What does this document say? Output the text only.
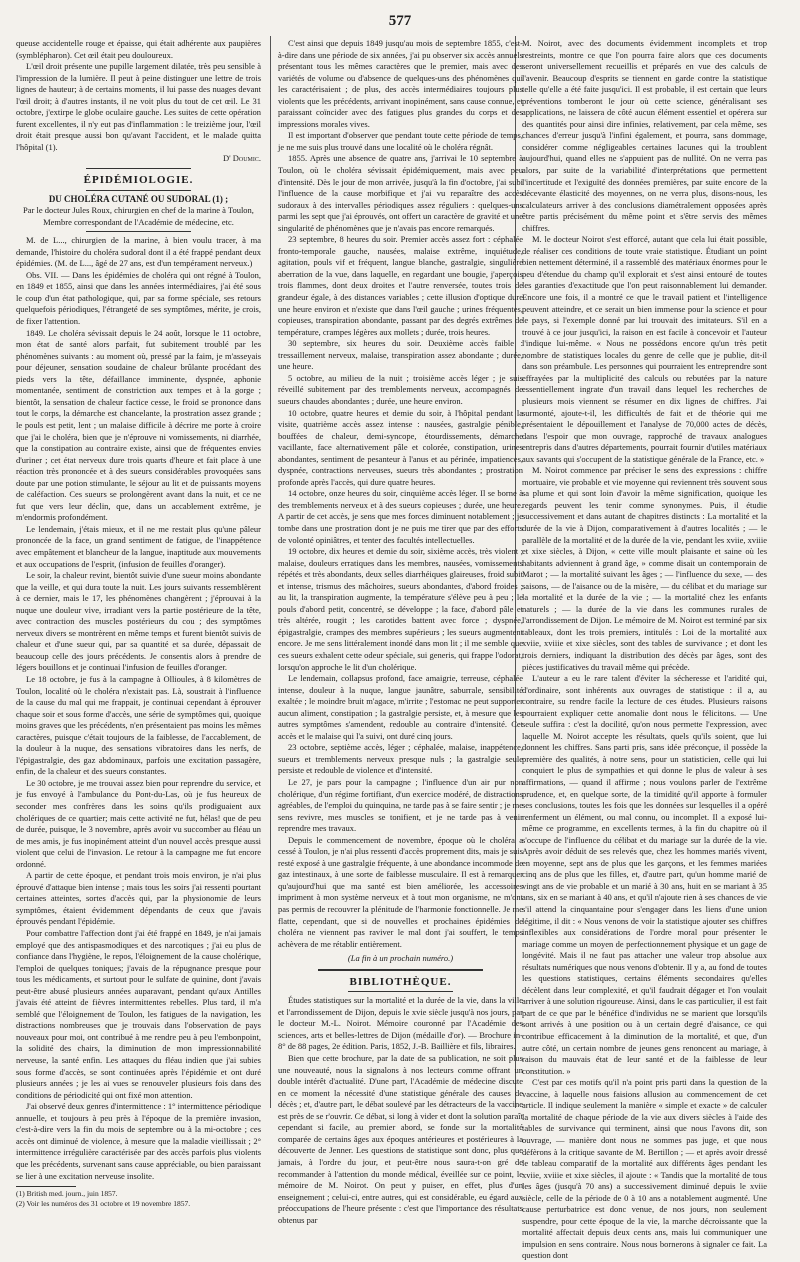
577

queuse accidentelle rouge et épaisse, qui était adhérente aux paupières (symblépharon). Cet œil était peu douloureux.

L'œil droit présente une pupille largement dilatée, très peu sensible à l'impression de la lumière. Il peut à peine distinguer une lettre de trois lignes de hauteur; à de certains moments, il lui passe des nuages devant l'œil droit; à d'autres instants, il ne voit plus du tout de cet œil. Le 31 octobre, j'extirpe le globe oculaire gauche. Les suites de cette opération furent excellentes, il n'y eut pas d'inflammation : le treizième jour, l'œil droit était presque aussi bon qu'avant l'accident, et le malade quitta l'hôpital (1).

D' Doumic.

ÉPIDÉMIOLOGIE.
DU CHOLÉRA CUTANÉ OU SUDORAL (1) ;

Par le docteur Jules Roux, chirurgien en chef de la marine à Toulon, Membre correspondant de l'Académie de médecine, etc.

M. de L..., chirurgien de la marine, à bien voulu tracer, à ma demande, l'histoire du choléra sudoral dont il a été frappé pendant deux épidémies. (M. de L..., âgé de 27 ans, est d'un tempérament nerveux.)

Obs. VII. — Dans les épidémies de choléra qui ont régné à Toulon, en 1849 et 1855, ainsi que dans les années intermédiaires, j'ai été sous le coup d'un état pathologique, qui, par sa forme spéciale, ses retours quelquefois périodiques, l'étrangeté de ses symptômes, mérite, je crois, de fixer l'attention.

1849. Le choléra sévissait depuis le 24 août, lorsque le 11 octobre, mon état de santé alors parfait, fut subitement troublé par les phénomènes suivants : au moment où, pressé par la faim, je m'asseyais pour déjeuner, sensation soudaine de chaleur brûlante procédant des pieds vers la tête, défaillance imminente, dyspnée, aphonie momentanée, sentiment de constriction aux tempes et à la gorge ; bientôt, la sensation de chaleur factice cesse, le froid se prononce dans tout le corps, la démarche est chancelante, la prostration assez grande ; le pouls est petit, lent ; un malaise difficile à décrire me porte à croire que j'ai le choléra, bien que je n'éprouve ni vomissements, ni diarrhée, que la constipation au contraire existe, ainsi que de fréquentes envies d'uriner ; cet état nerveux dure trois quarts d'heure et fait place à une réaction très prononcée et à des sueurs considérables provoquées sans doute par une potion stimulante, le séjour au lit et de puissants moyens de caléfaction. Ces sueurs se prolongèrent avant dans la nuit, et ce ne fut que vers leur déclin, que, dans un accablement extrême, je m'endormis profondément.

Le lendemain, j'étais mieux, et il ne me restait plus qu'une pâleur prononcée de la face, un grand sentiment de fatigue, de l'inappétence avec empâtement et blancheur de la langue, inaptitude aux mouvements et aux occupations de l'esprit, (infusion de feuilles d'oranger).

Le soir, la chaleur revint, bientôt suivie d'une sueur moins abondante que la veille, et qui dura toute la nuit. Les jours suivants ressemblèrent à ce dernier, mais le 17, les phénomènes changèrent ; j'éprouvai à la nuque une douleur vive, irradiant vers la partie postérieure de la tête, avec contraction des muscles postérieurs du cou ; des symptômes nerveux divers se montrèrent en même temps et furent bientôt suivis de chaleur et d'une sueur qui, par sa quantité et sa durée, dépassait de beaucoup celle des jours précédents. Je consentis alors à prendre de légers bouillons et je continuai l'infusion de feuilles d'oranger.

Le 18 octobre, je fus à la campagne à Ollioules, à 8 kilomètres de Toulon, localité où le choléra n'existait pas. Là, soustrait à l'influence de la cause du mal qui me frappait, je continuai cependant à éprouver chaque soir et sous forme d'accès, une série de symptômes qui, quoique moins graves que les précédents, n'en présentaient pas moins les mêmes caractères, puisque c'était toujours de la faiblesse, de l'accablement, de la douleur à la nuque, des sensations vibratoires dans les nerfs, de l'épigastralgie, des gaz abdominaux, parfois une excitation passagère, enfin, de la chaleur et des sueurs constantes.

Le 30 octobre, je me trouvai assez bien pour reprendre du service, et je fus envoyé à l'ambulance du Pont-du-Las, où je fus heureux de seconder mes confrères dans les soins qu'ils prodiguaient aux cholériques de ce quartier; mais cette activité ne fut, hélas! que de peu de durée, puisque, le 3 novembre, après avoir vu succomber au fléau un de mes amis, je fus inopinément atteint d'un nouvel accès presque aussi violent que celui de l'invasion. Le retour à la campagne me fut encore ordonné.

A partir de cette époque, et pendant trois mois environ, je n'ai plus éprouvé d'attaque bien intense ; mais tous les soirs j'ai ressenti pourtant certaines atteintes, sortes d'accès qui, par la physionomie de leurs symptômes, étaient évidemment dépendants de ceux que j'avais éprouvés pendant l'épidémie.

Pour combattre l'affection dont j'ai été frappé en 1849, je n'ai jamais employé que des antispasmodiques et des narcotiques ; j'ai eu plus de confiance dans l'hygiène, le repos, l'éloignement de la cause cholérique, l'emploi de quelques toniques; j'avais de la répugnance presque pour tous les médicaments, et surtout pour le sulfate de quinine, dont j'avais peut-être abusé plusieurs années auparavant, pendant qu'aux Antilles j'avais été atteint de fièvres intermittentes rebelles. Plus tard, il m'a semblé que l'éloignement de Toulon, les fatigues de la navigation, les distractions nombreuses que je trouvais dans l'observation de pays nouveaux pour moi, ont contribué à me rendre peu à peu l'embonpoint, la solidité des chairs, la diminution de mon impressionnabilité nerveuse, la santé enfin. Les attaques du fléau indien que j'ai subies sous forme d'accès, se sont continuées après l'épidémie et ont duré plusieurs années ; je les ai vues se renouveler plusieurs fois dans des conditions de périodicité qui ont fixé mon attention.

J'ai observé deux genres d'intermittence : 1° intermittence périodique annuelle, et toujours à peu près à l'époque de la première invasion, c'est-à-dire vers la fin du mois de septembre ou à la mi-octobre ; ces accès ont diminué de violence, à mesure que la maladie vieillissait ; 2° intermittence irrégulière caractérisée par des accès parfois plus violents que les précédents, survenant sans cause appréciable, ou bien paraissant se lier à une excitation nerveuse insolite.

(1) British med. journ., juin 1857.

(2) Voir les numéros des 31 octobre et 19 novembre 1857.

C'est ainsi que depuis 1849 jusqu'au mois de septembre 1855, c'est-à-dire dans une période de six années, j'ai pu observer six accès annuels présentant tous les mêmes caractères que le premier, mais avec des variétés de volume ou d'absence de quelques-uns des phénomènes qui les caractérisaient ; de plus, des accès intermédiaires toujours plus violents que les précédents, arrivant inopinément, sans cause connue, et paraissant coïncider avec des fatigues plus grandes du corps et des impressions morales vives.

Il est important d'observer que pendant toute cette période de temps, je ne me suis plus trouvé dans une localité où le choléra régnât.

1855. Après une absence de quatre ans, j'arrivai le 10 septembre à Toulon, où le choléra sévissait épidémiquement, mais avec peu d'intensité. Dès le jour de mon arrivée, jusqu'à la fin d'octobre, j'ai subi l'influence de la cause morbifique et j'ai vu reparaître des accès sudoraux à des intervalles périodiques assez réguliers : quelques-uns parmi les sept que j'ai éprouvés, ont offert un caractère de gravité et une singularité de phénomènes que je n'avais pas encore remarqués.

23 septembre, 8 heures du soir. Premier accès assez fort : céphalée fronto-temporale gauche, nausées, malaise extrême, inquiétude, agitation, pouls vif et fréquent, langue blanche, gastralgie, singulière aberration de la vue, dans laquelle, en regardant une bougie, j'aperçois trois flammes, dont deux droites et l'autre renversée, toutes trois de grandeur égale, à des distances variables ; cette illusion d'optique dure une heure environ et n'existe que dans l'œil gauche ; urines fréquentes, copieuses, transpiration abondante, passant par des degrés extrêmes de température, crampes légères aux mollets ; durée, trois heures.

30 septembre, six heures du soir. Deuxième accès faible : tressaillement nerveux, malaise, transpiration assez abondante ; durée, une heure.

5 octobre, au milieu de la nuit ; troisième accès léger ; je suis réveillé subitement par des tremblements nerveux, accompagnés de sueurs chaudes abondantes ; durée, une heure environ.

10 octobre, quatre heures et demie du soir, à l'hôpital pendant la visite, quatrième accès assez intense : nausées, gastralgie pénible, bouffées de chaleur, demi-syncope, étourdissements, démarche vacillante, face alternativement pâle et colorée, constipation, urines abondantes, sentiment de pesanteur à l'anus et au périnée, impatiences, dyspnée, contractions nerveuses, sueurs très abondantes ; prostration profonde après l'accès, qui dure quatre heures.

14 octobre, onze heures du soir, cinquième accès léger. Il se borne à des tremblements nerveux et à des sueurs copieuses ; durée, une heure. A partir de cet accès, je sens que mes forces diminuent notablement ; je tombe dans une prostration dont je ne puis me tirer que par des efforts de volonté opiniâtres, et tenter des facultés intellectuelles.

19 octobre, dix heures et demie du soir, sixième accès, très violent ; malaise, douleurs erratiques dans les membres, nausées, vomissements répétés et très abondants, deux selles diarrhéiques glaireuses, froid subit et intense, trismus des mâchoires, sueurs abondantes, d'abord froides ; au lit, la transpiration augmente, la température s'élève peu à peu ; le pouls d'abord petit, concentré, se développe ; la face, d'abord pâle et très altérée, rougit ; les carotides battent avec force ; dyspnée, épigastralgie, crampes des membres supérieurs ; les sueurs augmentent encore. Je me sens littéralement inondé dans mon lit ; il me semble que ces sueurs exhalent cette odeur spéciale, sui generis, qui frappe l'odorat, lorsqu'on approche le lit d'un cholérique.

Le lendemain, collapsus profond, face amaigrie, terreuse, céphalée intense, douleur à la nuque, langue jaunâtre, saburrale, sensibilité exaltée ; le moindre bruit m'agace, m'irrite ; l'estomac ne peut supporter aucun aliment, constipation ; la gastralgie persiste, et, à mesure que les autres symptômes s'amendent, redouble au contraire d'intensité. Cet accès et le malaise qui l'a suivi, ont duré cinq jours.

23 octobre, septième accès, léger ; céphalée, malaise, inappétence, sueurs et tremblements nerveux presque nuls ; la gastralgie seule persiste et redouble de violence et d'intensité.

Le 27, je pars pour la campagne ; l'influence d'un air pur non cholérique, d'un régime fortifiant, d'un exercice modéré, de distractions agréables, de l'emploi du quinquina, ne tarde pas à se faire sentir ; je me sens revivre, mes muscles se tonifient, et je ne tarde pas à venir reprendre mes travaux.

Depuis le commencement de novembre, époque où le choléra a cessé à Toulon, je n'ai plus ressenti d'accès proprement dits, mais je suis resté exposé à une gastralgie fréquente, à une abondance incommode de gaz intestinaux, à une sorte de faiblesse musculaire. Il est à remarquer qu'aujourd'hui que ma santé est bien améliorée, les accessoires impriment à mon système nerveux et à tout mon organisme, ne m'ont pas permis de recouvrer la plénitude de l'harmonie fonctionnelle. Je me flatte, cependant, que si de nouvelles et prochaines épidémies de choléra ne viennent pas raviver le mal dont j'ai souffert, le temps achèvera de me rétablir entièrement.

(La fin à un prochain numéro.)

BIBLIOTHÈQUE.

Études statistiques sur la mortalité et la durée de la vie, dans la ville et l'arrondissement de Dijon, depuis le xvie siècle jusqu'à nos jours, par le docteur M.-L. Noirot. Mémoire couronné par l'Académie des sciences, arts et belles-lettres de Dijon (médaille d'or). — Brochure in-8° de 88 pages, 2e édition. Paris, 1852, J.-B. Baillière et fils, libraires.

Bien que cette brochure, par la date de sa publication, ne soit plus une nouveauté, nous la signalons à nos lecteurs comme offrant un double intérêt d'actualité. D'une part, l'Académie de médecine discute en ce moment la nécessité d'une statistique générale des causes de décès ; et, d'autre part, le débat soulevé par les détracteurs de la vaccine est près de se r'ouvrir. Ce débat, si long à vider et dont la solution paraît cependant si facile, au premier abord, se fonde sur la mortalité comparée de certains âges aux époques antérieures et postérieures à la découverte de Jenner. Les questions de statistique sont donc, plus que jamais, à l'ordre du jour, et peut-être nous saura-t-on gré de recommander à l'attention du monde médical, éveillée sur ce point, le mémoire de M. Noirot. On peut y puiser, en effet, plus d'un enseignement ; celui-ci, entre autres, qui est considérable, eu égard aux préoccupations de l'heure présente : c'est que l'importance des résultats obtenus par

M. Noirot, avec des documents évidemment incomplets et trop restreints, montre ce que l'on pourra faire alors que ces documents seront universellement recueillis et préparés en vue des calculs de l'avenir. Beaucoup d'esprits se tiennent en garde contre la statistique telle qu'elle a été faite jusqu'ici. Il est probable, il est certain que leurs préventions tomberont le jour où cette science, généralisant ses applications, ne laissera de côté aucun élément essentiel et opérera sur des quantités pour ainsi dire infinies, relativement, par cela même, ses chances d'erreur jusqu'à l'infini également, et pourra, sans dommage, considérer comme négligeables certaines lacunes qui la troublent aujourd'hui, quand elles ne s'appuient pas de nullité. On ne verra pas alors, par suite de la variabilité d'interprétations que permettent l'incertitude et l'exiguïté des données premières, par suite encore de la décevante élasticité des moyennes, on ne verra plus, disons-nous, les calculateurs arriver à des conclusions diamétralement opposées après être partis précisément du même point et s'être servis des mêmes chiffres.

M. le docteur Noirot s'est efforcé, autant que cela lui était possible, de réaliser ces conditions de toute vraie statistique. Étudiant un point bien nettement déterminé, il a rassemblé des matériaux énormes pour le peu d'étendue du champ qu'il explorait et s'est ainsi entouré de toutes les garanties d'exactitude que l'on peut raisonnablement lui demander. Encore une fois, il a montré ce que le travail patient et l'intelligence peuvent atteindre, et ce serait un bien immense pour la science et pour le pays, si l'exemple donné par lui trouvait des imitateurs. S'il en a trouvé à ce jour jusqu'ici, la raison en est facile à concevoir et l'auteur l'indique lui-même. « Nous ne possédons encore qu'un très petit nombre de statistiques locales du genre de celle que je publie, dit-il dans son préambule. Les personnes qui pourraient les entreprendre sont effrayées par la multiplicité des calculs ou rebutées par la nature essentiellement ingrate d'un travail dans lequel les recherches de plusieurs mois viennent se résumer en dix lignes de chiffres. J'ai surmonté, ajoute-t-il, les difficultés de fait et de théorie qui me présentaient le dépouillement et l'analyse de 70,000 actes de décès, dans l'espoir que mon ouvrage, rapproché de travaux analogues entrepris dans d'autres départements, pourrait fournir d'utiles matériaux aux savants qui s'occupent de la statistique générale de la France, etc. »

M. Noirot commence par préciser le sens des expressions : chiffre mortuaire, vie probable et vie moyenne qui reviennent très souvent sous sa plume et qui sont loin d'avoir la même signification, quoique les regards peuvent les tenir comme synonymes. Puis, il étudie successivement et dans autant de chapitres distincts : La mortalité et la durée de la vie à Dijon, comparativement à d'autres localités ; — le parallèle de la mortalité et de la durée de la vie, pendant les xviie, xviiie et xixe siècles, à Dijon, « cette ville moult plaisante et saine où les habitants adviennent à grand âge, » comme disait un contemporain de Marot ; — la mortalité suivant les âges ; — l'influence du sexe, — des saisons, — de l'aisance ou de la misère, — du célibat et du mariage sur la mortalité et la durée de la vie ; — la mortalité chez les enfants naturels ; — la durée de la vie dans les communes rurales de l'arrondissement de Dijon. Le mémoire de M. Noirot est terminé par six tableaux, dont les trois premiers, intitulés : Loi de la mortalité aux xviie, xviiie et xixe siècles, sont des tables de survivance ; et dont les trois derniers, indiquant la distribution des décès par âges, sont des pièces justificatives du travail même qui précède.

L'auteur a eu le rare talent d'éviter la sécheresse et l'aridité qui, d'ordinaire, sont inhérents aux ouvrages de statistique : il a, au contraire, su rendre facile la lecture de ces études. Plusieurs raisons pourraient expliquer cette anomalie dont nous le félicitons. — Une seule suffira : c'est la docilité, qu'on nous permette l'expression, avec laquelle M. Noirot accepte les résultats, quels qu'ils soient, que lui donnent les chiffres. Sans parti pris, sans idée préconçue, il possède la première des qualités, à notre sens, pour un statisticien, celle qui lui conquiert le plus de sympathies et qui donne le plus de valeur à ses affirmations, — quand il affirme ; nous voulons parler de l'extrême prudence, et, en quelque sorte, de la timidité qu'il apporte à formuler ses conclusions, toutes les fois que les données sur lesquelles il a opéré renferment un élément, ou mal connu, ou incomplet. Il a exposé lui-même ce programme, en excellents termes, à la fin du chapitre où il s'occupe de l'influence du célibat et du mariage sur la durée de la vie. Après avoir déduit de ses relevés que, chez les hommes mariés vivent, en moyenne, sept ans de plus que les garçons, et les femmes mariées cinq ans de plus que les filles, et, d'autre part, qu'un homme marié de vingt ans de vie probable et un marié à 30 ans, huit en se mariant à 35 ans, six en se mariant à 40 ans, et qu'il n'ajoute rien à ses chances de vie s'il attend la cinquantaine pour s'engager dans les liens d'une union légitime, il dit : « Nous venons de voir la statistique ajouter ses chiffres inflexibles aux considérations de l'ordre moral pour présenter le mariage comme un moyen de perfectionnement physique et un gage de longévité. Mais il ne faut pas attacher une valeur trop absolue aux résultats numériques que nous venons d'obtenir. Il y a, au fond de toutes les questions statistiques, certains éléments secondaires qu'elles décèlent dans leur complexité, et qu'il faudrait dégager et l'on voulait arriver à une solution rigoureuse. Ainsi, dans le cas particulier, il est fait part de ce que par le bénéfice d'individus ne se marient que lorsqu'ils sont arrivés à une position ou à un certain degré d'aisance, ce qui contribue efficacement à la diminution de la mortalité, et que, d'un autre côté, un certain nombre de jeunes gens renoncent au mariage, à raison du mauvais état de leur santé et de la faiblesse de leur constitution. »

C'est par ces motifs qu'il n'a point pris parti dans la question de la vaccine, à laquelle nous faisions allusion au commencement de cet article. Il indique seulement la manière « simple et exacte » de calculer la mortalité de chaque période de la vie aux divers siècles à l'aide des tables de survivance qui terminent, ainsi que nous l'avons dit, son ouvrage, — manière dont nous ne sommes pas juge, et que nous défèrons à la critique savante de M. Bertillon ; — et après avoir dressé le tableau comparatif de la mortalité aux différents âges pendant les xviie, xviiie et xixe siècles, il ajoute : « Tandis que la mortalité de tous les âges (jusqu'à 70 ans) a successivement diminué depuis le xviie siècle, celle de la période de 0 à 10 ans a notablement augmenté. Une cause perturbatrice est donc venue, de nos jours, non seulement suspendre, pour cette époque de la vie, la marche décroissante que la mortalité affectait depuis deux cents ans, mais lui communiquer une impulsion en sens contraire. Nous nous bornerons à signaler ce fait. La question dont
